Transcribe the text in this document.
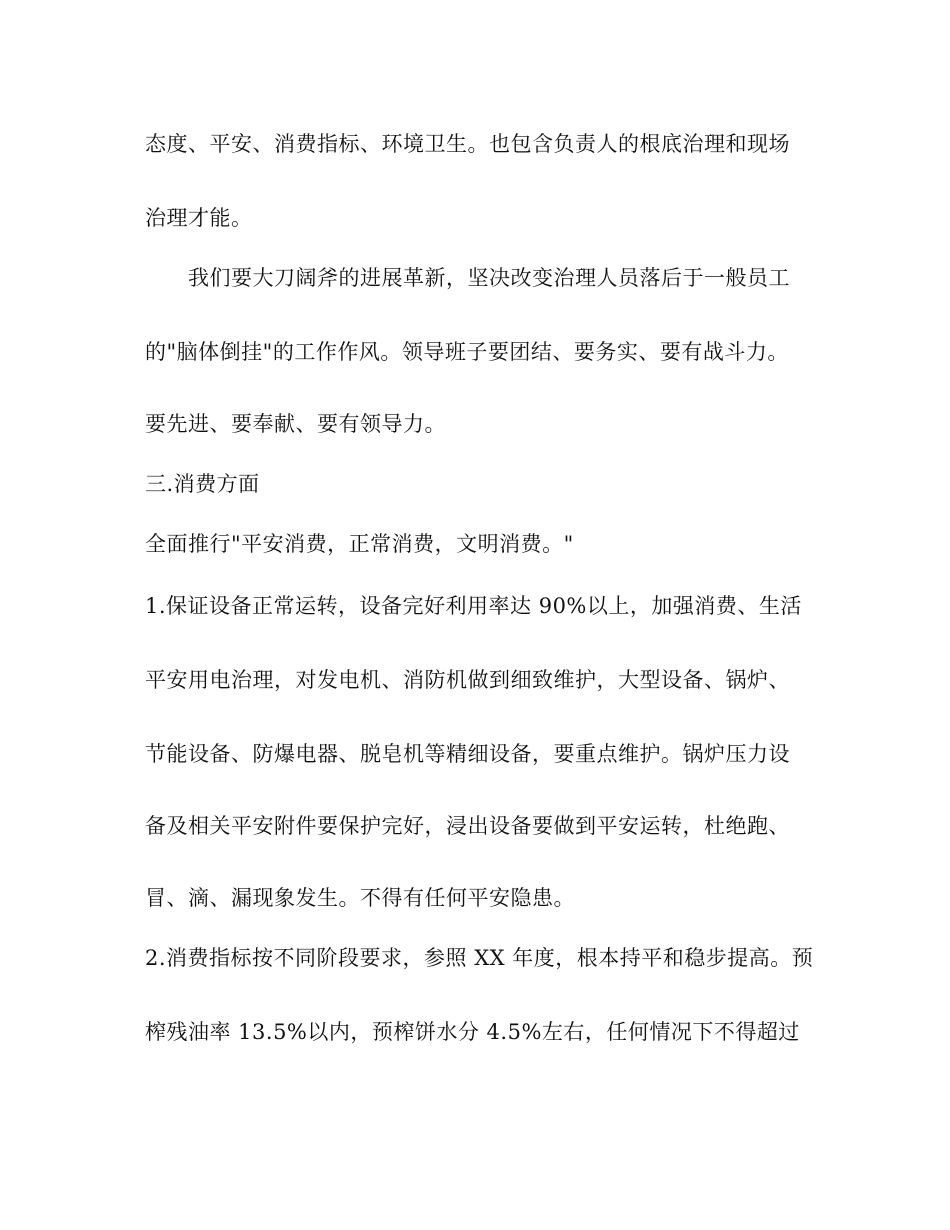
态度、平安、消费指标、环境卫生。也包含负责人的根底治理和现场
治理才能。
我们要大刀阔斧的进展革新，坚决改变治理人员落后于一般员工
的"脑体倒挂"的工作作风。领导班子要团结、要务实、要有战斗力。
要先进、要奉献、要有领导力。
三.消费方面
全面推行"平安消费，正常消费，文明消费。"
1.保证设备正常运转，设备完好利用率达 90%以上，加强消费、生活
平安用电治理，对发电机、消防机做到细致维护，大型设备、锅炉、
节能设备、防爆电器、脱皂机等精细设备，要重点维护。锅炉压力设
备及相关平安附件要保护完好，浸出设备要做到平安运转，杜绝跑、
冒、滴、漏现象发生。不得有任何平安隐患。
2.消费指标按不同阶段要求，参照 XX 年度，根本持平和稳步提高。预
榨残油率 13.5%以内，预榨饼水分 4.5%左右，任何情况下不得超过
